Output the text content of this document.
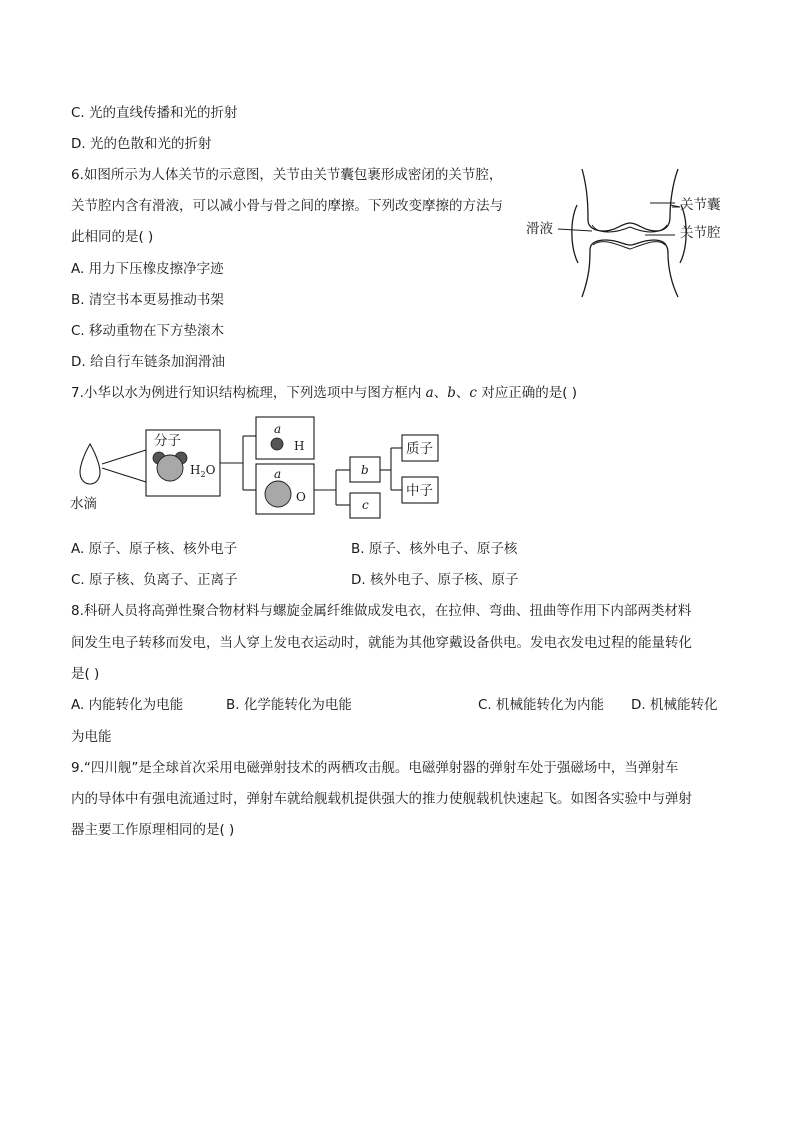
C. 光的直线传播和光的折射
D. 光的色散和光的折射
6.如图所示为人体关节的示意图，关节由关节囊包裹形成密闭的关节腔，
关节腔内含有滑液，可以减小骨与骨之间的摩擦。下列改变摩擦的方法与
此相同的是( )
A. 用力下压橡皮擦净字迹
B. 清空书本更易推动书架
C. 移动重物在下方垫滚木
D. 给自行车链条加润滑油
关节囊
关节腔
滑液
7.小华以水为例进行知识结构梳理，下列选项中与图方框内 a、b、c 对应正确的是( )
水滴
分子
$H_2O$
a
H
a
O
b
c
质子
中子
A. 原子、原子核、核外电子	B. 原子、核外电子、原子核
C. 原子核、负离子、正离子	D. 核外电子、原子核、原子
8.科研人员将高弹性聚合物材料与螺旋金属纤维做成发电衣，在拉伸、弯曲、扭曲等作用下内部两类材料
间发生电子转移而发电，当人穿上发电衣运动时，就能为其他穿戴设备供电。发电衣发电过程的能量转化
是( )
A. 内能转化为电能	B. 化学能转化为电能	C. 机械能转化为内能 D. 机械能转化
为电能
9.“四川舰”是全球首次采用电磁弹射技术的两栖攻击舰。电磁弹射器的弹射车处于强磁场中，当弹射车
内的导体中有强电流通过时，弹射车就给舰载机提供强大的推力使舰载机快速起飞。如图各实验中与弹射
器主要工作原理相同的是( )
